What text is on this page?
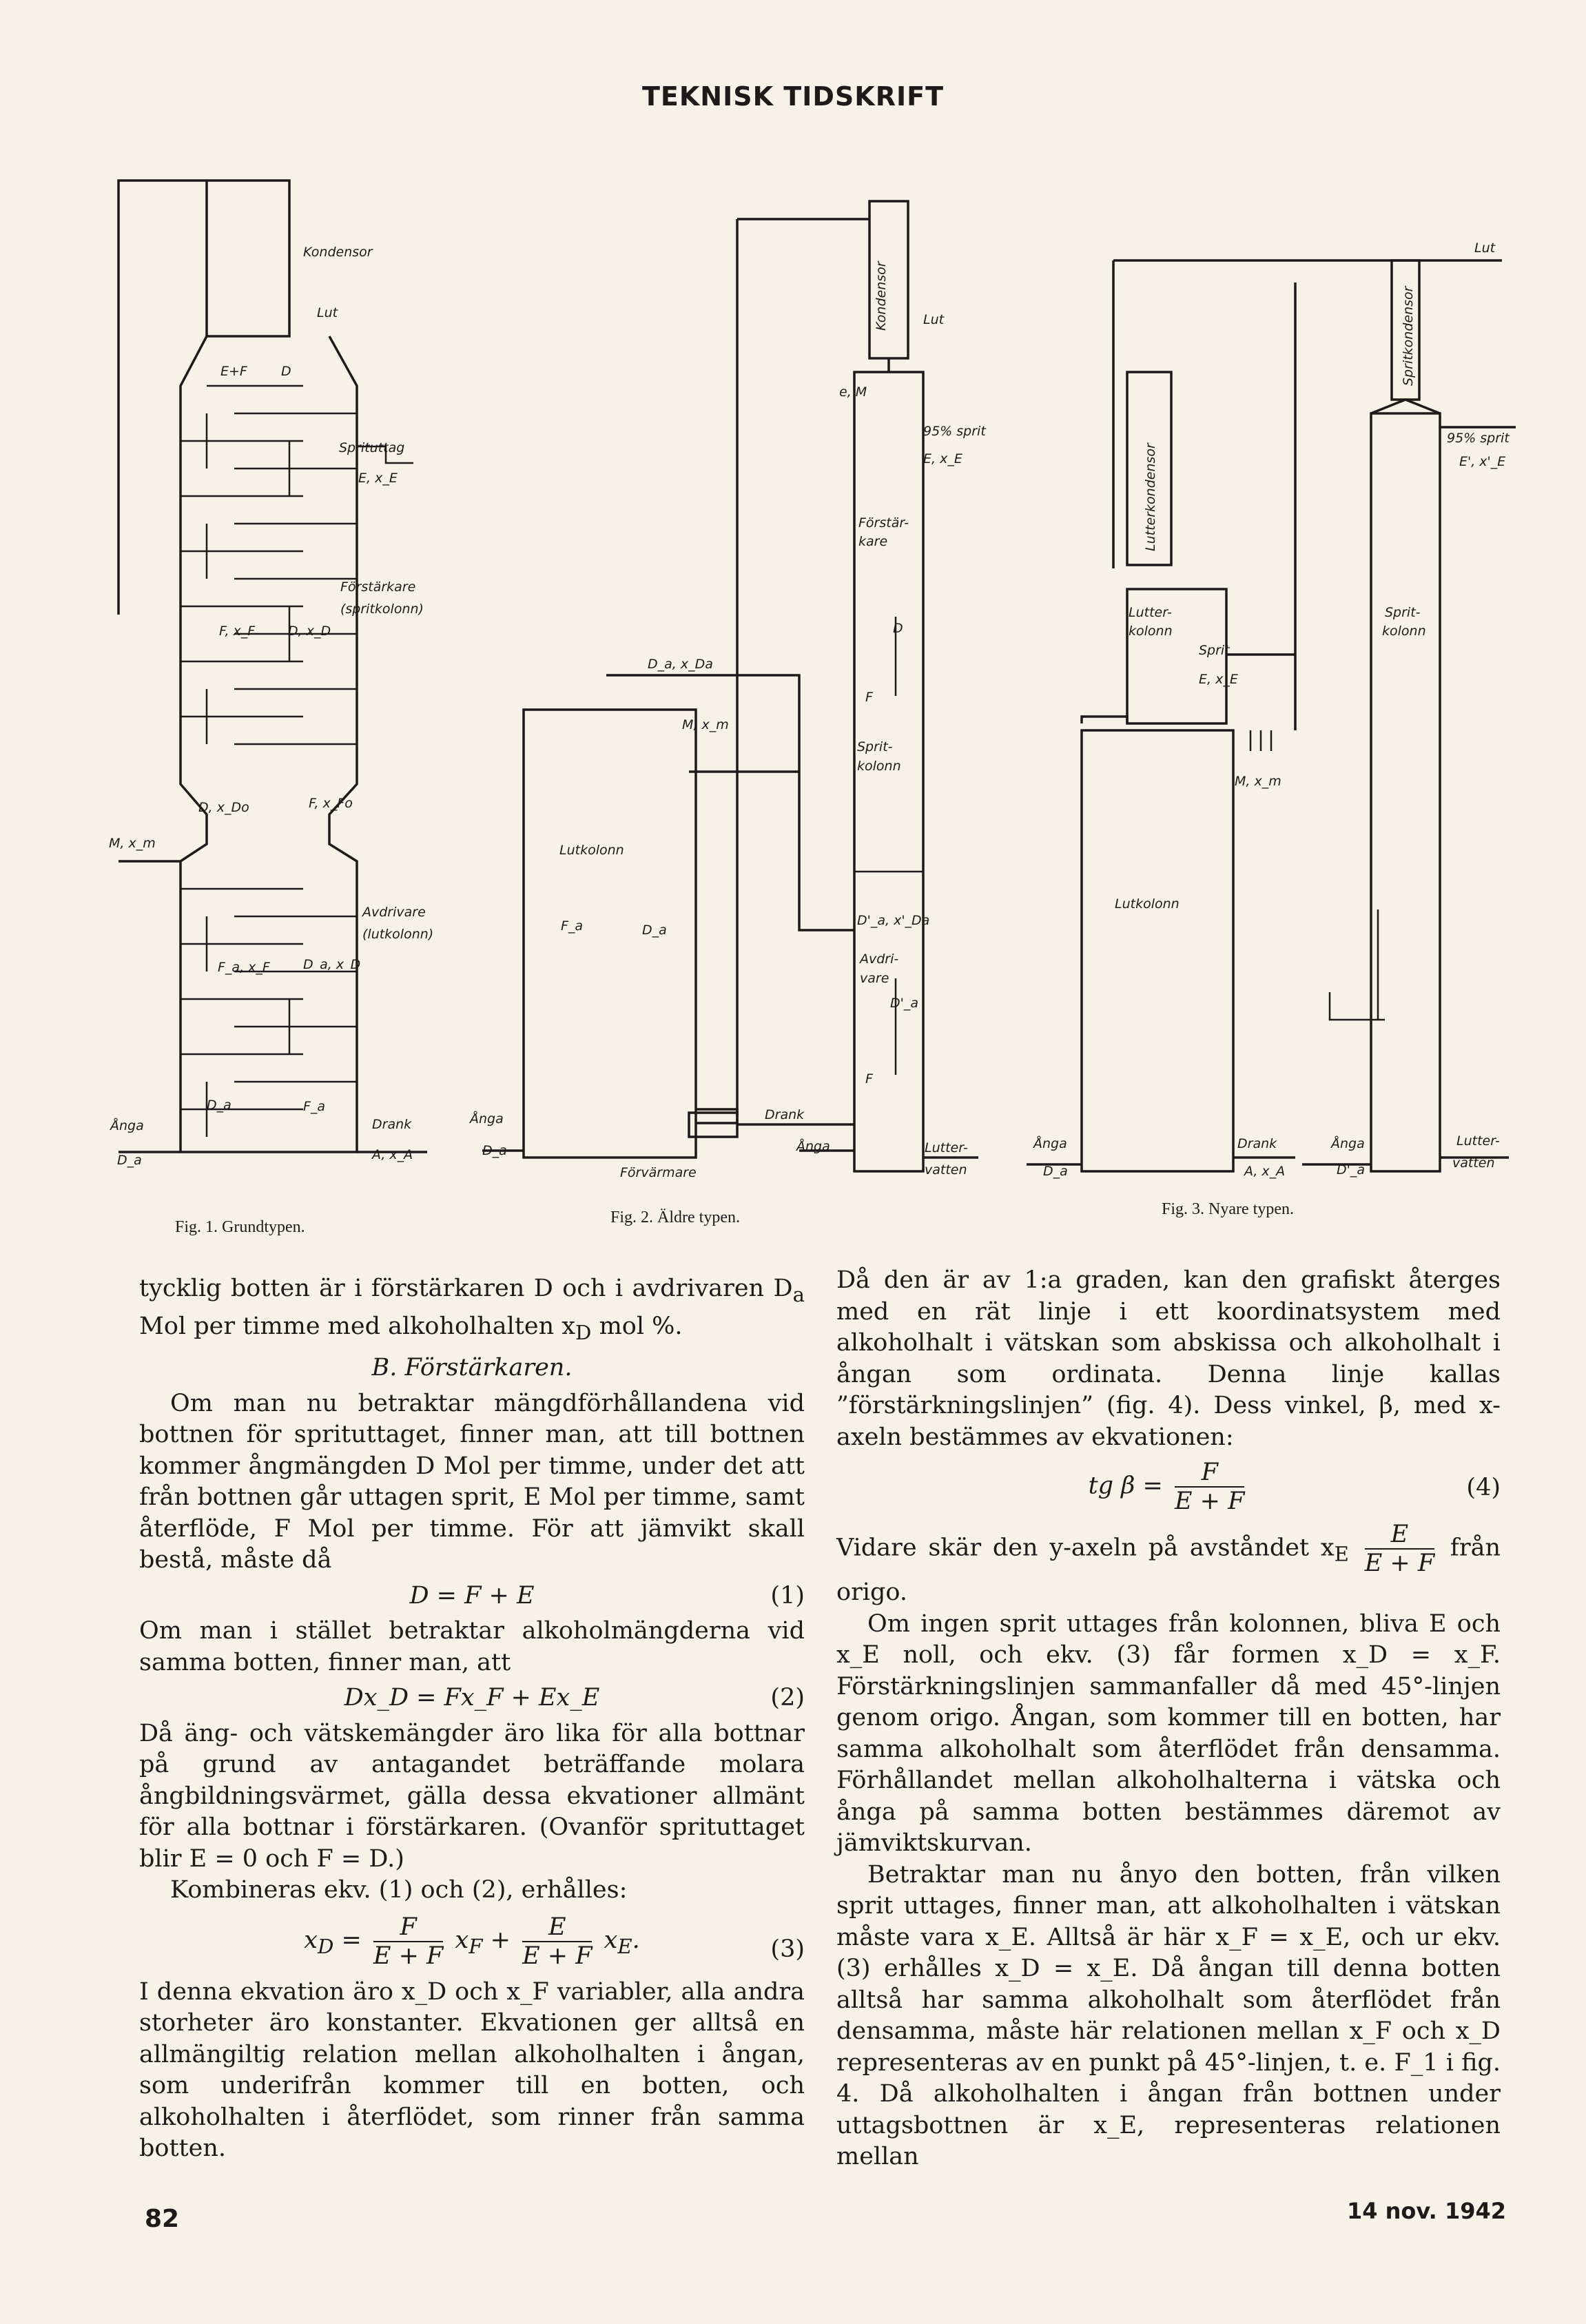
TEKNISK TIDSKRIFT
Kondensor
Lut
E+F	D
Sprituttag
E, x_E
Förstärkare
(spritkolonn)
F, x_F	D, x_D
D, x_Do	F, x_Fo
M, x_m
Avdrivare
(lutkolonn)
F_a, x_F	D_a, x_D
D_a	F_a
Ånga
D_a
Drank
A, x_A
Fig. 1. Grundtypen.
Kondensor	Lut
e, M
95% sprit
E, x_E
Förstär-
kare
D
F
Sprit-
kolonn
D_a, x_Da
M, x_m
Lutkolonn
F_a	D_a
D'_a, x'_Da
Avdri-
vare
D'_a
F
Ånga
D_a
Förvärmare
Drank
Ånga	Lutter-
vatten
Fig. 2. Äldre typen.
Spritkondensor
Lutterkondensor
Lut
95% sprit
E', x'_E
Lutter-
kolonn
Sprit
E, x_E
Sprit-
kolonn
M, x_m
Lutkolonn
Ånga
D_a
Drank
A, x_A
Ånga
D'_a
Lutter-
vatten
Fig. 3. Nyare typen.

tycklig botten är i förstärkaren D och i avdrivaren $D_a$ Mol per timme med alkoholhalten $x_D$ mol %.

B. Förstärkaren.

Om man nu betraktar mängdförhållandena vid bottnen för sprituttaget, finner man, att till bottnen kommer ångmängden D Mol per timme, under det att från bottnen går uttagen sprit, E Mol per timme, samt återflöde, F Mol per timme. För att jämvikt skall bestå, måste då

D = F + E	(1)

Om man i stället betraktar alkoholmängderna vid samma botten, finner man, att

Dx_D = Fx_F + Ex_E	(2)

Då äng- och vätskemängder äro lika för alla bottnar på grund av antagandet beträffande molara ångbildningsvärmet, gälla dessa ekvationer allmänt för alla bottnar i förstärkaren. (Ovanför sprituttaget blir E = 0 och F = D.)

Kombineras ekv. (1) och (2), erhålles:

$x_D = \frac{F}{E + F} x_F + \frac{E}{E + F} x_E$.	(3)

I denna ekvation äro x_D och x_F variabler, alla andra storheter äro konstanter. Ekvationen ger alltså en allmängiltig relation mellan alkoholhalten i ångan, som underifrån kommer till en botten, och alkoholhalten i återflödet, som rinner från samma botten.

Då den är av 1:a graden, kan den grafiskt återges med en rät linje i ett koordinatsystem med alkoholhalt i vätskan som abskissa och alkoholhalt i ångan som ordinata. Denna linje kallas ”förstärkningslinjen” (fig. 4). Dess vinkel, β, med x-axeln bestämmes av ekvationen:

tg $\beta = \frac{F}{E + F}$	(4)

Vidare skär den y-axeln på avståndet $x_E \frac{E}{E + F}$ från origo.

Om ingen sprit uttages från kolonnen, bliva E och x_E noll, och ekv. (3) får formen x_D = x_F. Förstärkningslinjen sammanfaller då med 45°-linjen genom origo. Ångan, som kommer till en botten, har samma alkoholhalt som återflödet från densamma. Förhållandet mellan alkoholhalterna i vätska och ånga på samma botten bestämmes däremot av jämviktskurvan.

Betraktar man nu ånyo den botten, från vilken sprit uttages, finner man, att alkoholhalten i vätskan måste vara x_E. Alltså är här x_F = x_E, och ur ekv. (3) erhålles x_D = x_E. Då ångan till denna botten alltså har samma alkoholhalt som återflödet från densamma, måste här relationen mellan x_F och x_D representeras av en punkt på 45°-linjen, t. e. F_1 i fig. 4. Då alkoholhalten i ångan från bottnen under uttagsbottnen är x_E, representeras relationen mellan

82	14 nov. 1942
